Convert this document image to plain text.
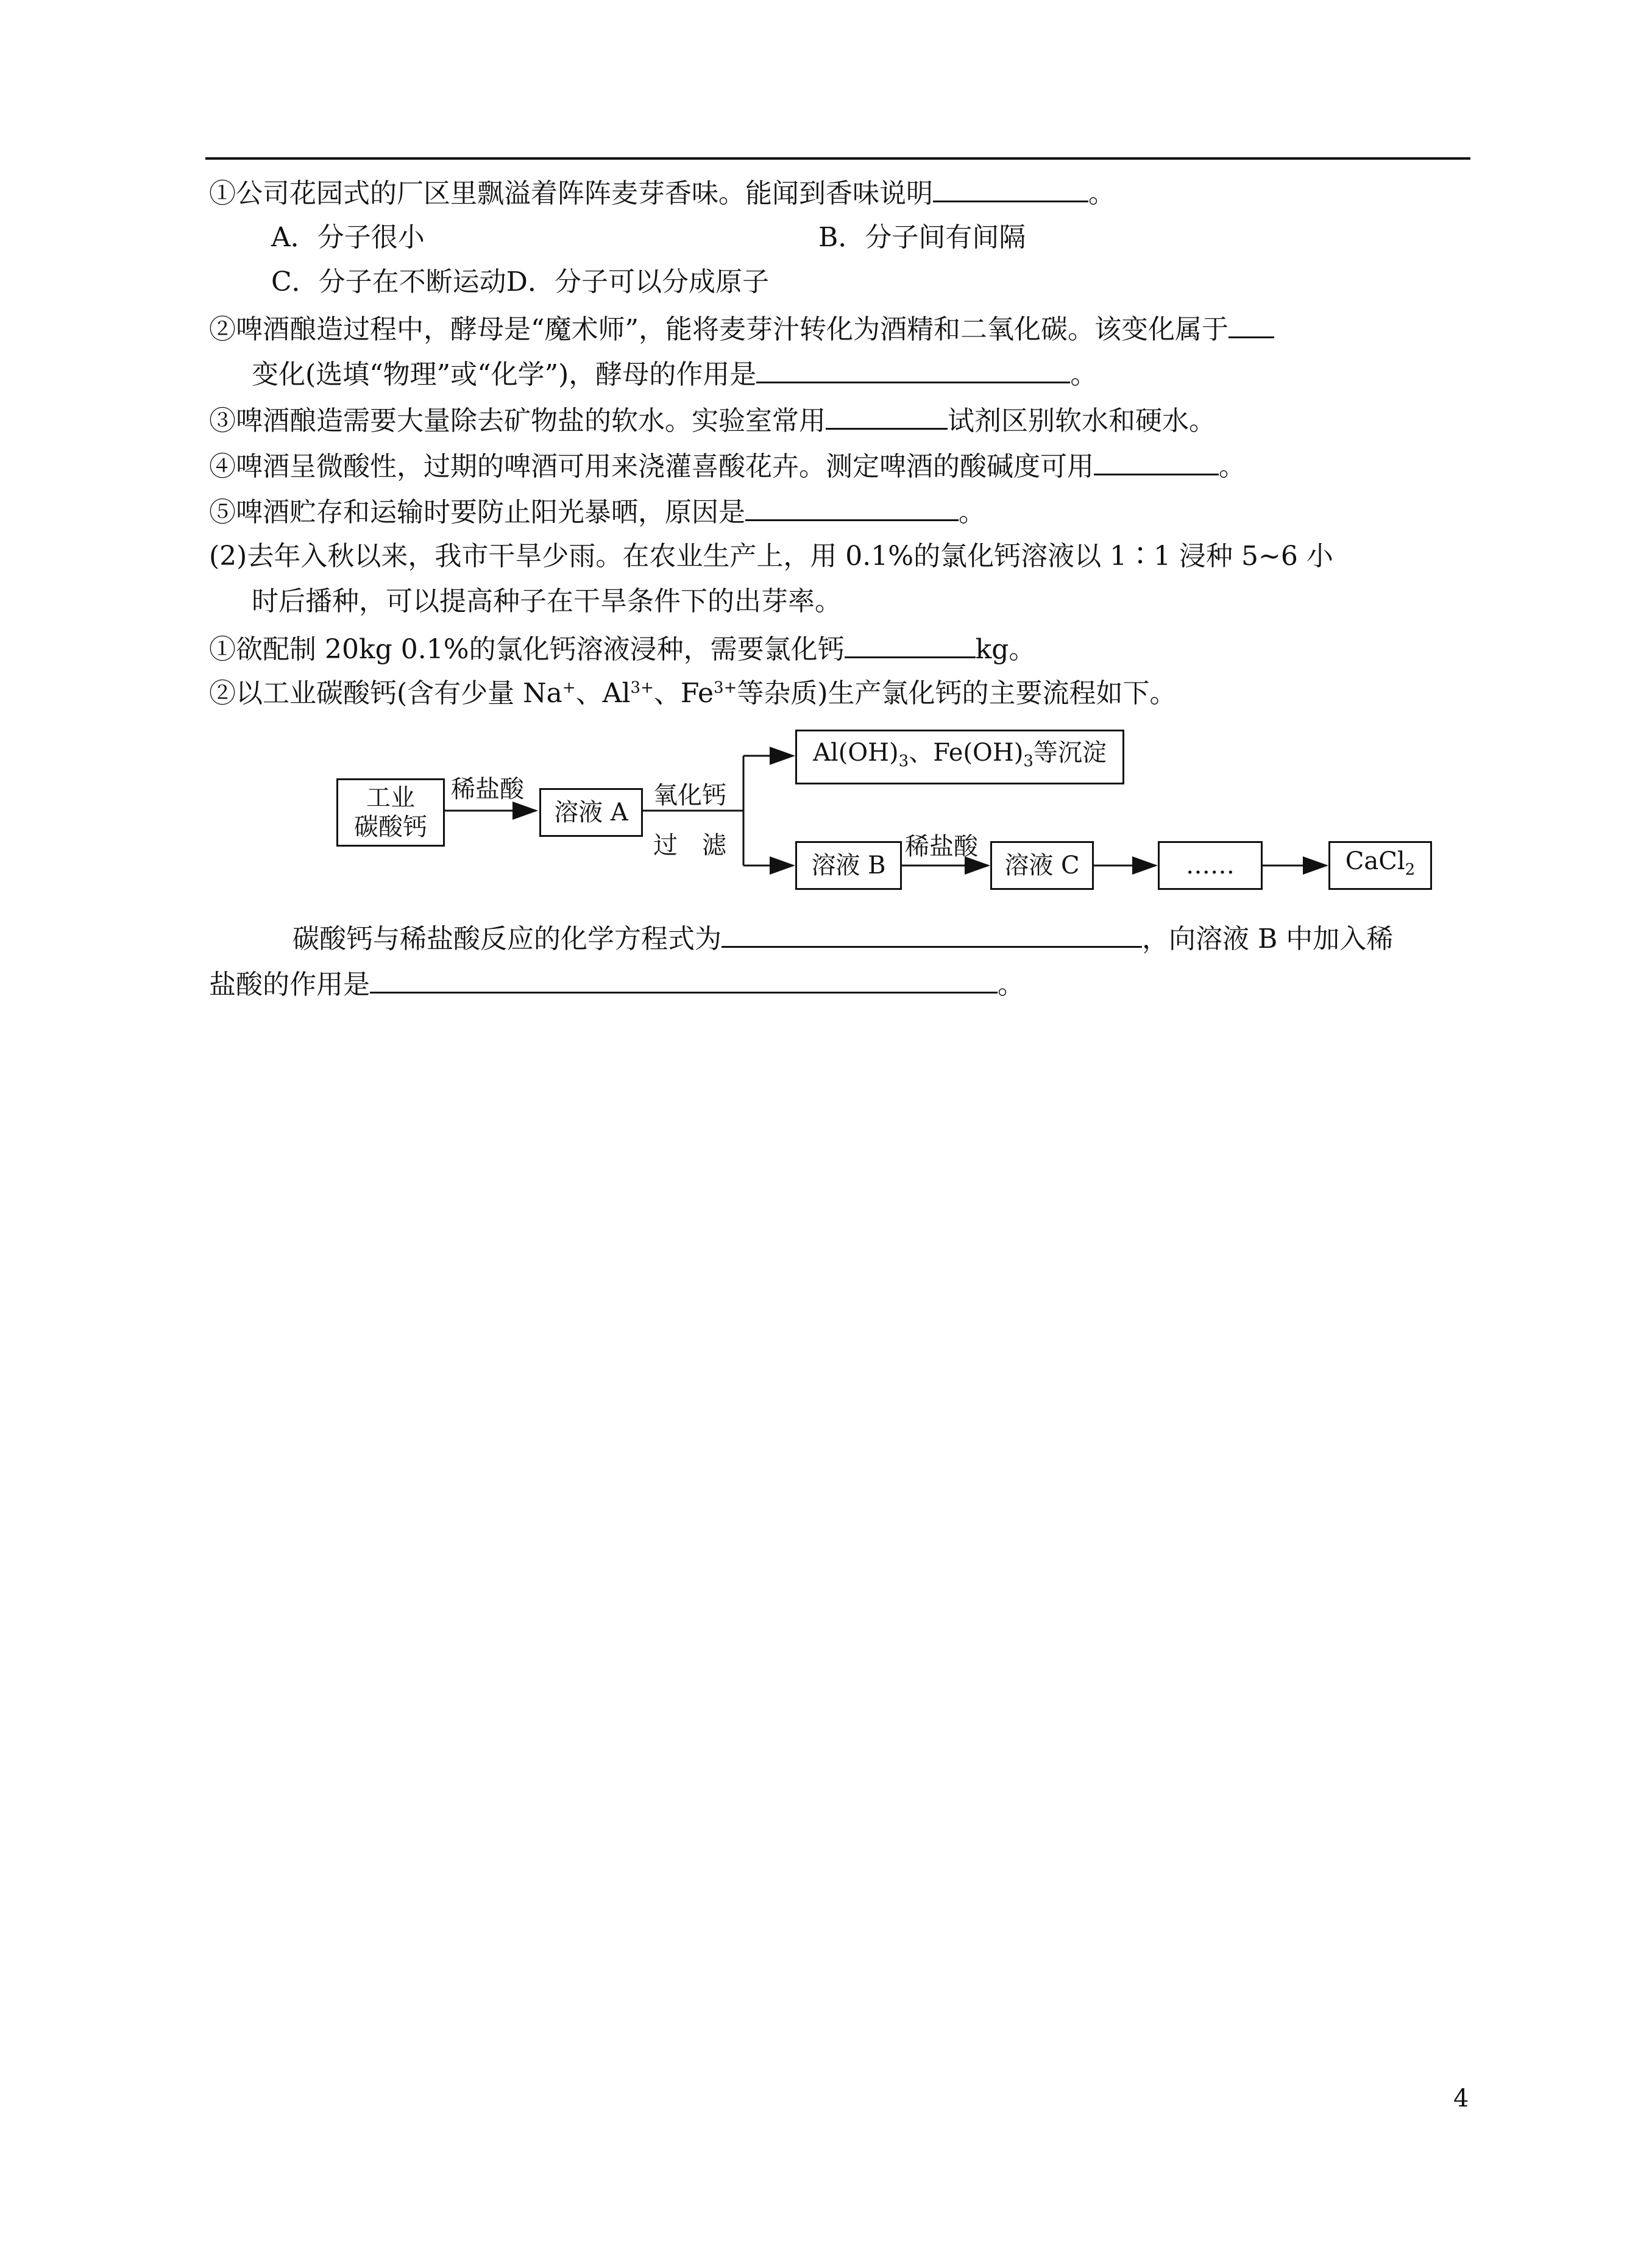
①公司花园式的厂区里飘溢着阵阵麦芽香味。能闻到香味说明	。
A．分子很小	B．分子间有间隔
C．分子在不断运动D．分子可以分成原子
②啤酒酿造过程中，酵母是“魔术师”，能将麦芽汁转化为酒精和二氧化碳。该变化属于
变化(选填“物理”或“化学”)，酵母的作用是	。
③啤酒酿造需要大量除去矿物盐的软水。实验室常用	试剂区别软水和硬水。
④啤酒呈微酸性，过期的啤酒可用来浇灌喜酸花卉。测定啤酒的酸碱度可用	。
⑤啤酒贮存和运输时要防止阳光暴晒，原因是	。
(2)去年入秋以来，我市干旱少雨。在农业生产上，用 0.1%的氯化钙溶液以 1∶1 浸种 5~6 小
时后播种，可以提高种子在干旱条件下的出芽率。
①欲配制 20kg 0.1%的氯化钙溶液浸种，需要氯化钙	kg。
②以工业碳酸钙(含有少量 Na+、$Al^{3+}$、$Fe^{3+}$等杂质)生产氯化钙的主要流程如下。
工业
碳酸钙
稀盐酸
溶液 A
氧化钙
过　滤
$Al(OH)_3$、$Fe(OH)_3$等沉淀
溶液 B
稀盐酸
溶液 C	……	CaCl$_2$
碳酸钙与稀盐酸反应的化学方程式为	，向溶液 B 中加入稀
盐酸的作用是	。
4
